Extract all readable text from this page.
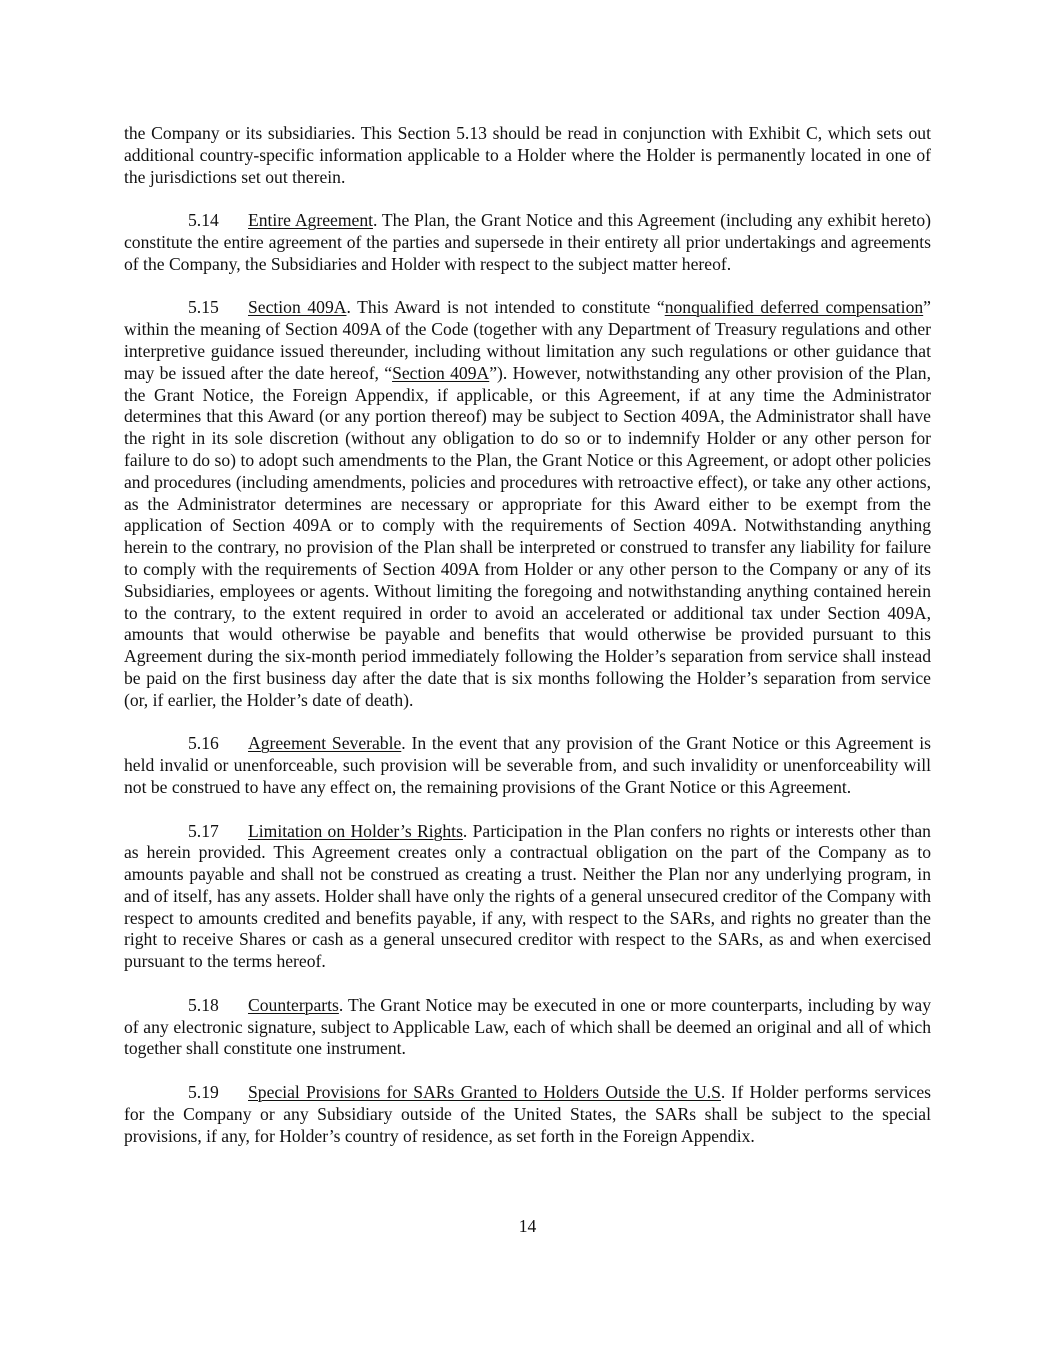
the Company or its subsidiaries. This Section 5.13 should be read in conjunction with Exhibit C, which sets out additional country-specific information applicable to a Holder where the Holder is permanently located in one of the jurisdictions set out therein.

5.14 Entire Agreement. The Plan, the Grant Notice and this Agreement (including any exhibit hereto) constitute the entire agreement of the parties and supersede in their entirety all prior undertakings and agreements of the Company, the Subsidiaries and Holder with respect to the subject matter hereof.

5.15 Section 409A. This Award is not intended to constitute “nonqualified deferred compensation” within the meaning of Section 409A of the Code (together with any Department of Treasury regulations and other interpretive guidance issued thereunder, including without limitation any such regulations or other guidance that may be issued after the date hereof, “Section 409A”). However, notwithstanding any other provision of the Plan, the Grant Notice, the Foreign Appendix, if applicable, or this Agreement, if at any time the Administrator determines that this Award (or any portion thereof) may be subject to Section 409A, the Administrator shall have the right in its sole discretion (without any obligation to do so or to indemnify Holder or any other person for failure to do so) to adopt such amendments to the Plan, the Grant Notice or this Agreement, or adopt other policies and procedures (including amendments, policies and procedures with retroactive effect), or take any other actions, as the Administrator determines are necessary or appropriate for this Award either to be exempt from the application of Section 409A or to comply with the requirements of Section 409A. Notwithstanding anything herein to the contrary, no provision of the Plan shall be interpreted or construed to transfer any liability for failure to comply with the requirements of Section 409A from Holder or any other person to the Company or any of its Subsidiaries, employees or agents. Without limiting the foregoing and notwithstanding anything contained herein to the contrary, to the extent required in order to avoid an accelerated or additional tax under Section 409A, amounts that would otherwise be payable and benefits that would otherwise be provided pursuant to this Agreement during the six-month period immediately following the Holder’s separation from service shall instead be paid on the first business day after the date that is six months following the Holder’s separation from service (or, if earlier, the Holder’s date of death).

5.16 Agreement Severable. In the event that any provision of the Grant Notice or this Agreement is held invalid or unenforceable, such provision will be severable from, and such invalidity or unenforceability will not be construed to have any effect on, the remaining provisions of the Grant Notice or this Agreement.

5.17 Limitation on Holder’s Rights. Participation in the Plan confers no rights or interests other than as herein provided. This Agreement creates only a contractual obligation on the part of the Company as to amounts payable and shall not be construed as creating a trust. Neither the Plan nor any underlying program, in and of itself, has any assets. Holder shall have only the rights of a general unsecured creditor of the Company with respect to amounts credited and benefits payable, if any, with respect to the SARs, and rights no greater than the right to receive Shares or cash as a general unsecured creditor with respect to the SARs, as and when exercised pursuant to the terms hereof.

5.18 Counterparts. The Grant Notice may be executed in one or more counterparts, including by way of any electronic signature, subject to Applicable Law, each of which shall be deemed an original and all of which together shall constitute one instrument.

5.19 Special Provisions for SARs Granted to Holders Outside the U.S. If Holder performs services for the Company or any Subsidiary outside of the United States, the SARs shall be subject to the special provisions, if any, for Holder’s country of residence, as set forth in the Foreign Appendix.

14
